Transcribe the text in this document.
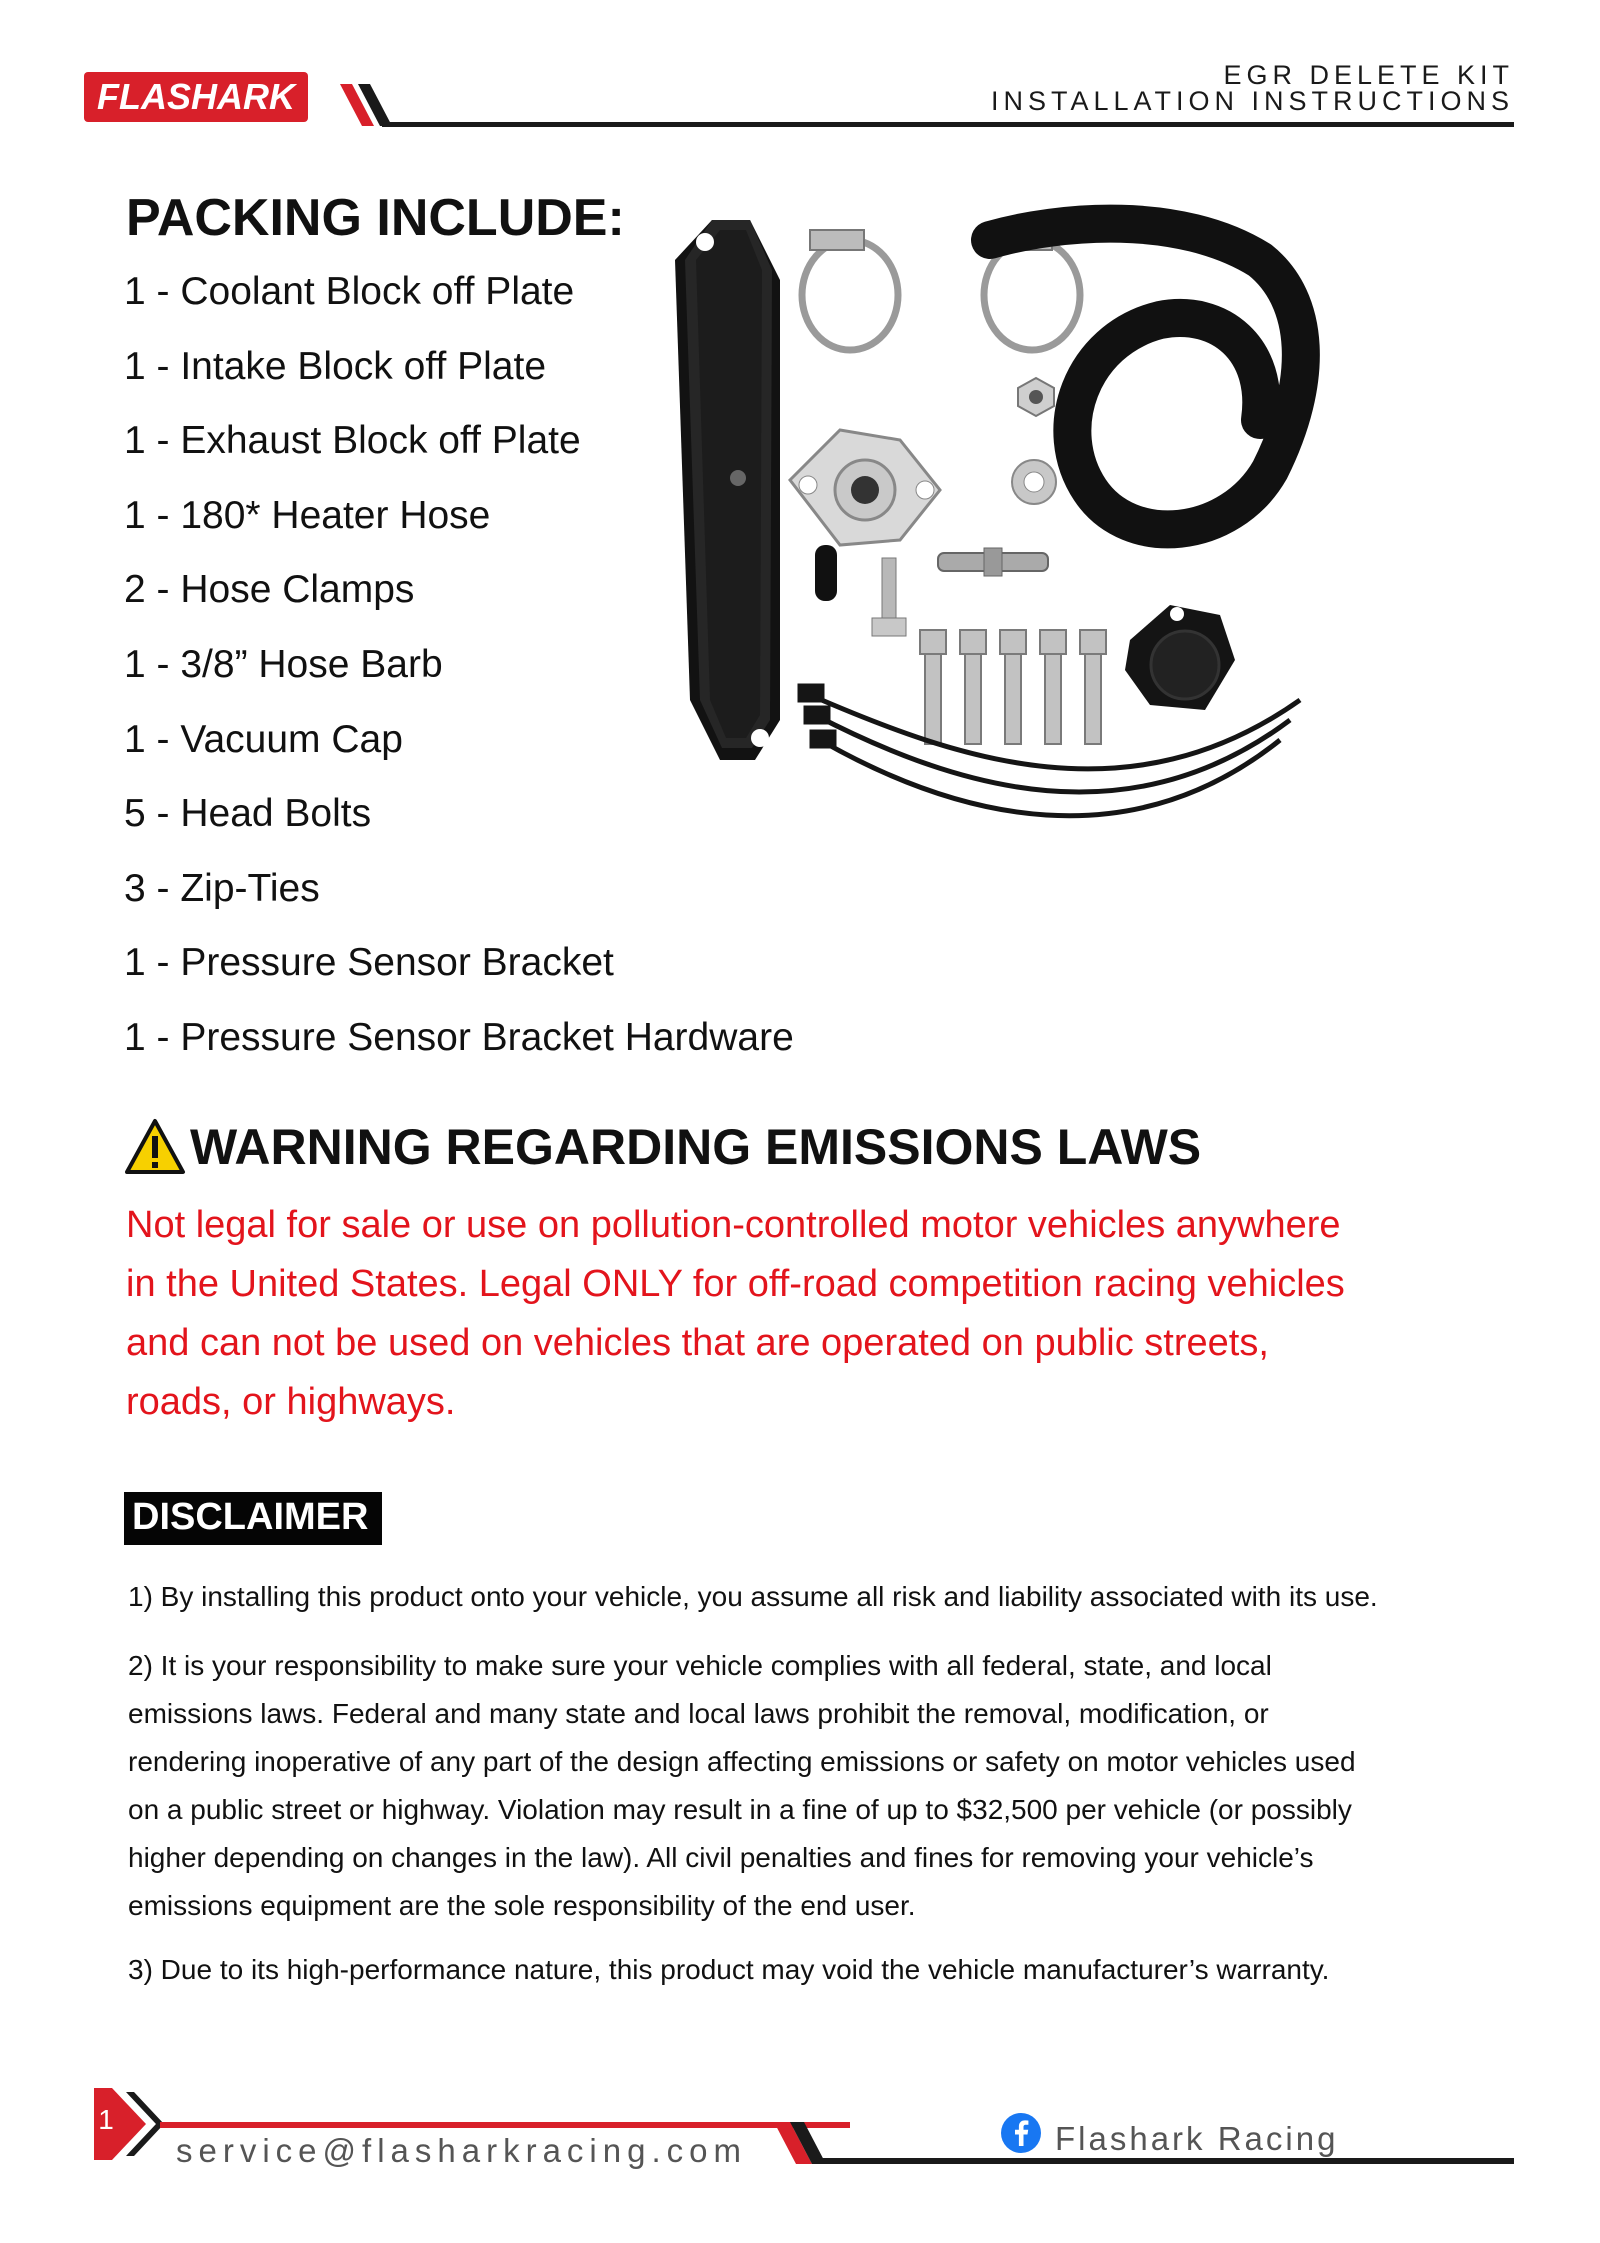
FLASHARK
EGR DELETE KIT
INSTALLATION INSTRUCTIONS
PACKING INCLUDE:
1 - Coolant Block off Plate
1 - Intake Block off Plate
1 - Exhaust Block off Plate
1 - 180* Heater Hose
2 - Hose Clamps
1 - 3/8” Hose Barb
1 - Vacuum Cap
5 - Head Bolts
3 - Zip-Ties
1 - Pressure Sensor Bracket
1 - Pressure Sensor Bracket Hardware
WARNING REGARDING EMISSIONS LAWS
Not legal for sale or use on pollution-controlled motor vehicles anywhere
in the United States. Legal ONLY for off-road competition racing vehicles
and can not be used on vehicles that are operated on public streets,
roads, or highways.
DISCLAIMER
1) By installing this product onto your vehicle, you assume all risk and liability associated with its use.
2) It is your responsibility to make sure your vehicle complies with all federal, state, and local
emissions laws. Federal and many state and local laws prohibit the removal, modification, or
rendering inoperative of any part of the design affecting emissions or safety on motor vehicles used
on a public street or highway. Violation may result in a fine of up to $32,500 per vehicle (or possibly
higher depending on changes in the law). All civil penalties and fines for removing your vehicle’s
emissions equipment are the sole responsibility of the end user.
3) Due to its high-performance nature, this product may void the vehicle manufacturer’s warranty.
1
service@flasharkracing.com	Flashark Racing
